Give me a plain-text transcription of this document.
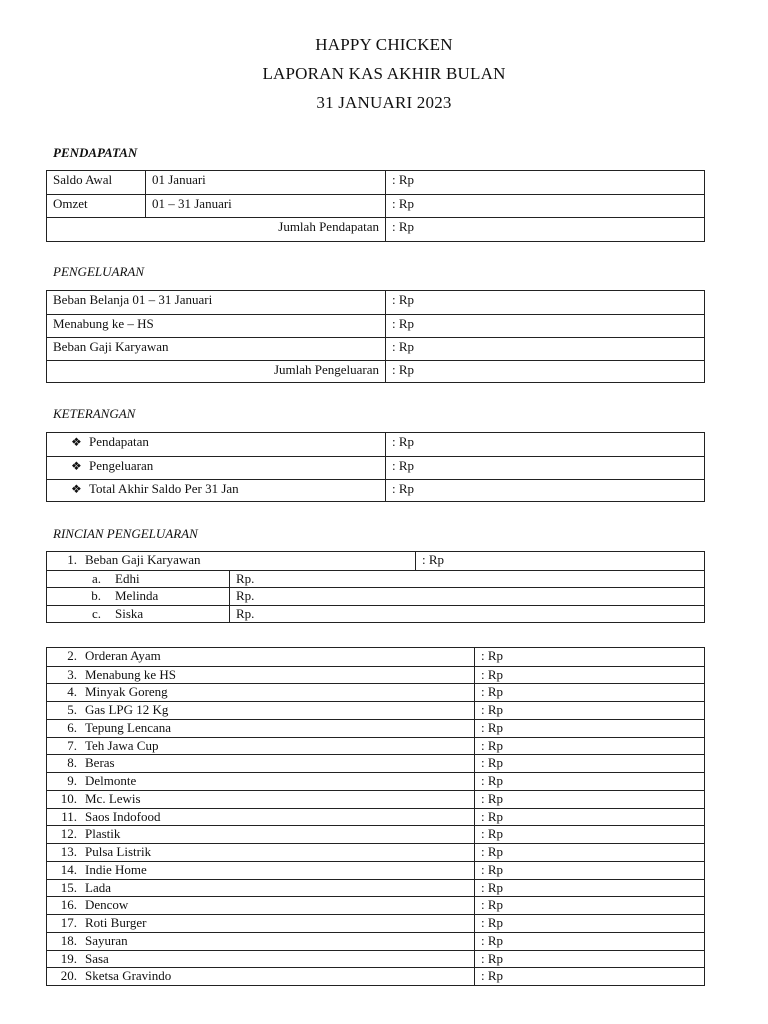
HAPPY CHICKEN
LAPORAN KAS AKHIR BULAN
31 JANUARI 2023
PENDAPATAN
Saldo Awal	01 Januari	: Rp
Omzet	01 – 31 Januari	: Rp
Jumlah Pendapatan	: Rp
PENGELUARAN
Beban Belanja 01 – 31 Januari	: Rp
Menabung ke – HS	: Rp
Beban Gaji Karyawan	: Rp
Jumlah Pengeluaran	: Rp
KETERANGAN
❖ Pendapatan	: Rp
❖ Pengeluaran	: Rp
❖ Total Akhir Saldo Per 31 Jan	: Rp
RINCIAN PENGELUARAN
1. Beban Gaji Karyawan	: Rp
a. Edhi	Rp.
b. Melinda	Rp.
c. Siska	Rp.
2. Orderan Ayam	: Rp
3. Menabung ke HS	: Rp
4. Minyak Goreng	: Rp
5. Gas LPG 12 Kg	: Rp
6. Tepung Lencana	: Rp
7. Teh Jawa Cup	: Rp
8. Beras	: Rp
9. Delmonte	: Rp
10. Mc. Lewis	: Rp
11. Saos Indofood	: Rp
12. Plastik	: Rp
13. Pulsa Listrik	: Rp
14. Indie Home	: Rp
15. Lada	: Rp
16. Dencow	: Rp
17. Roti Burger	: Rp
18. Sayuran	: Rp
19. Sasa	: Rp
20. Sketsa Gravindo	: Rp
